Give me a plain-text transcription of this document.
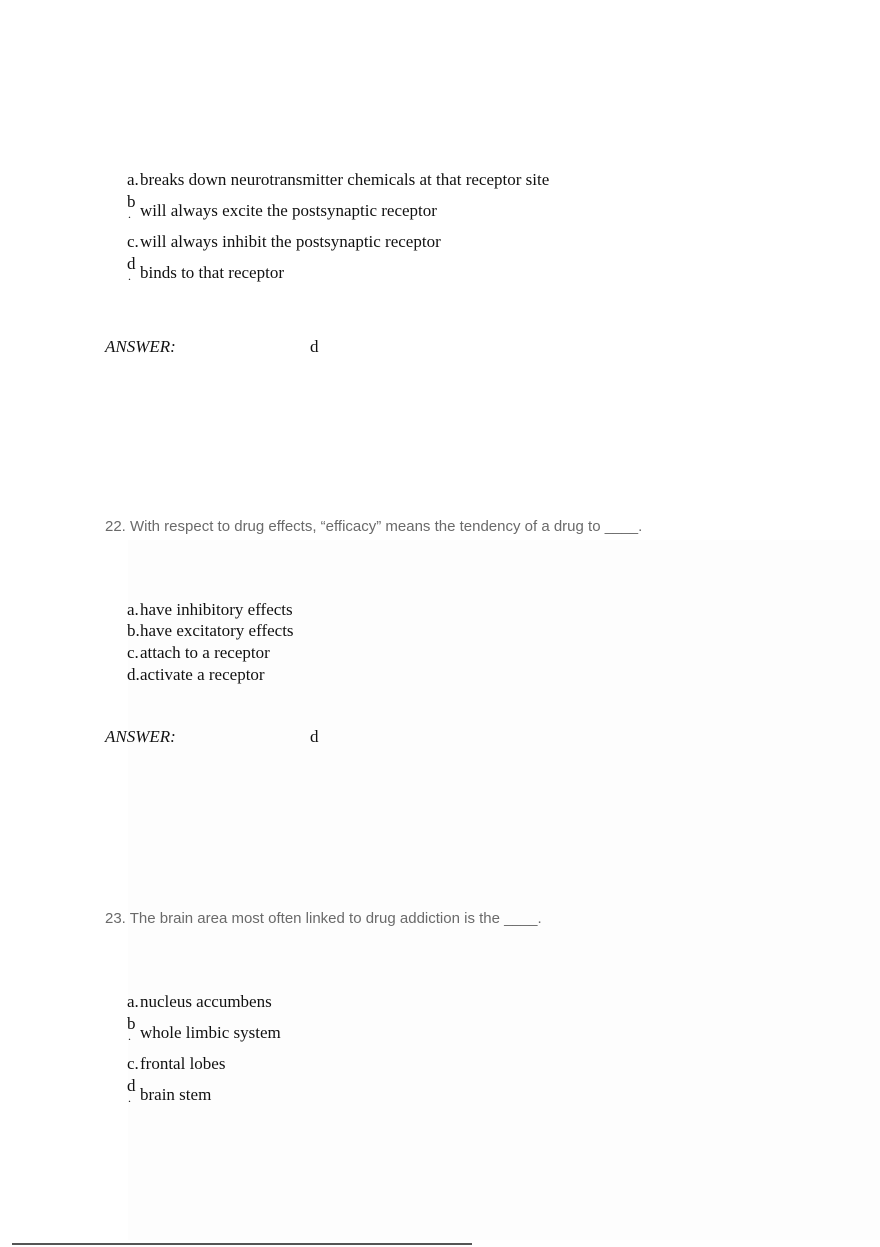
a.breaks down neurotransmitter chemicals at that receptor site
b
. will always excite the postsynaptic receptor
c.will always inhibit the postsynaptic receptor
d
. binds to that receptor
ANSWER:	d
22. With respect to drug effects, “efficacy” means the tendency of a drug to ____.
a.have inhibitory effects
b.have excitatory effects
c.attach to a receptor
d.activate a receptor
ANSWER:	d
23. The brain area most often linked to drug addiction is the ____.
a.nucleus accumbens
b
. whole limbic system
c.frontal lobes
d
. brain stem
